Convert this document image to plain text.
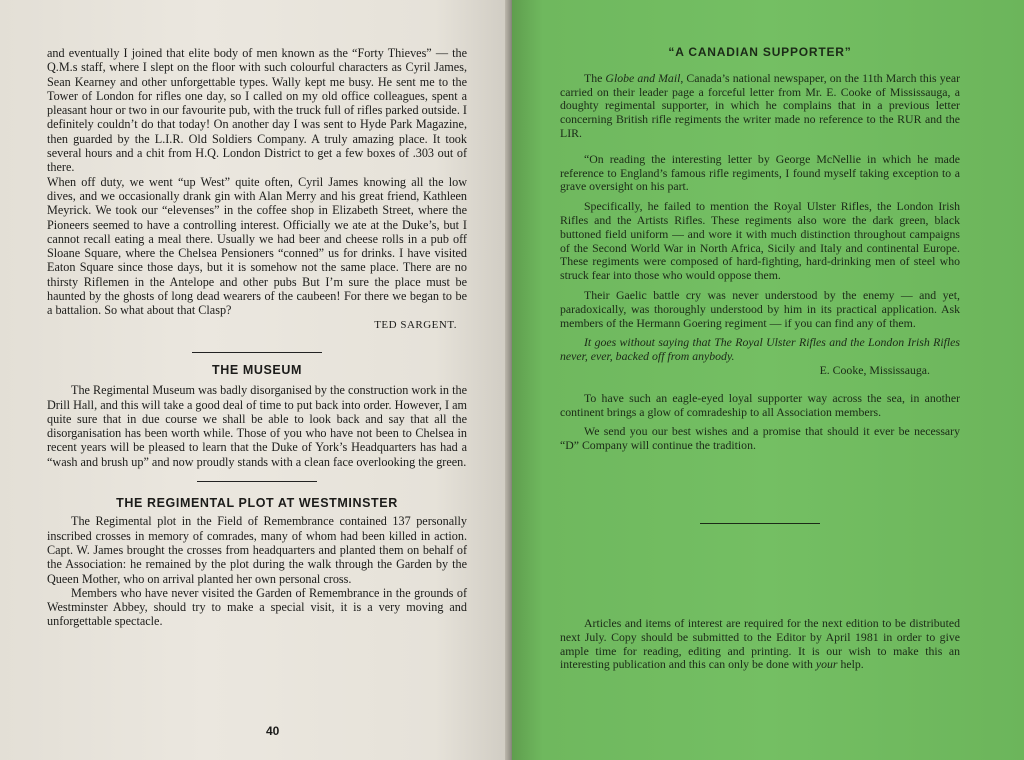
and eventually I joined that elite body of men known as the “Forty Thieves” — the Q.M.s staff, where I slept on the floor with such colourful characters as Cyril James, Sean Kearney and other unforgettable types. Wally kept me busy. He sent me to the Tower of London for rifles one day, so I called on my old office colleagues, spent a pleasant hour or two in our favourite pub, with the truck full of rifles parked outside. I definitely couldn’t do that today! On another day I was sent to Hyde Park Magazine, then guarded by the L.I.R. Old Soldiers Company. A truly amazing place. It took several hours and a chit from H.Q. London District to get a few boxes of .303 out of there.

When off duty, we went “up West” quite often, Cyril James knowing all the low dives, and we occasionally drank gin with Alan Merry and his great friend, Kathleen Meyrick. We took our “elevenses” in the coffee shop in Elizabeth Street, where the Pioneers seemed to have a controlling interest. Officially we ate at the Duke’s, but I cannot recall eating a meal there. Usually we had beer and cheese rolls in a pub off Sloane Square, where the Chelsea Pensioners “conned” us for drinks. I have visited Eaton Square since those days, but it is somehow not the same place. There are no thirsty Riflemen in the Antelope and other pubs But I’m sure the place must be haunted by the ghosts of long dead wearers of the caubeen! For there we began to be a battalion. So what about that Clasp?

TED SARGENT.
THE MUSEUM

The Regimental Museum was badly disorganised by the construction work in the Drill Hall, and this will take a good deal of time to put back into order. However, I am quite sure that in due course we shall be able to look back and say that all the disorganisation has been worth while. Those of you who have not been to Chelsea in recent years will be pleased to learn that the Duke of York’s Headquarters has had a “wash and brush up” and now proudly stands with a clean face overlooking the green.

THE REGIMENTAL PLOT AT WESTMINSTER

The Regimental plot in the Field of Remembrance contained 137 personally inscribed crosses in memory of comrades, many of whom had been killed in action. Capt. W. James brought the crosses from headquarters and planted them on behalf of the Association: he remained by the plot during the walk through the Garden by the Queen Mother, who on arrival planted her own personal cross.

Members who have never visited the Garden of Remembrance in the grounds of Westminster Abbey, should try to make a special visit, it is a very moving and unforgettable spectacle.

40
“A CANADIAN SUPPORTER”

The Globe and Mail, Canada’s national newspaper, on the 11th March this year carried on their leader page a forceful letter from Mr. E. Cooke of Mississauga, a doughty regimental supporter, in which he complains that in a previous letter concerning British rifle regiments the writer made no reference to the RUR and the LIR.

“On reading the interesting letter by George McNellie in which he made reference to England’s famous rifle regiments, I found myself taking exception to a grave oversight on his part.

Specifically, he failed to mention the Royal Ulster Rifles, the London Irish Rifles and the Artists Rifles. These regiments also wore the dark green, black buttoned field uniform — and wore it with much distinction throughout campaigns of the Second World War in North Africa, Sicily and Italy and continental Europe. These regiments were composed of hard-fighting, hard-drinking men of steel who struck fear into those who would oppose them.

Their Gaelic battle cry was never understood by the enemy — and yet, paradoxically, was thoroughly understood by him in its practical application. Ask members of the Hermann Goering regiment — if you can find any of them.

It goes without saying that The Royal Ulster Rifles and the London Irish Rifles never, ever, backed off from anybody.

E. Cooke, Mississauga.

To have such an eagle-eyed loyal supporter way across the sea, in another continent brings a glow of comradeship to all Association members.

We send you our best wishes and a promise that should it ever be necessary “D” Company will continue the tradition.

Articles and items of interest are required for the next edition to be distributed next July. Copy should be submitted to the Editor by April 1981 in order to give ample time for reading, editing and printing. It is our wish to make this an interesting publication and this can only be done with your help.
